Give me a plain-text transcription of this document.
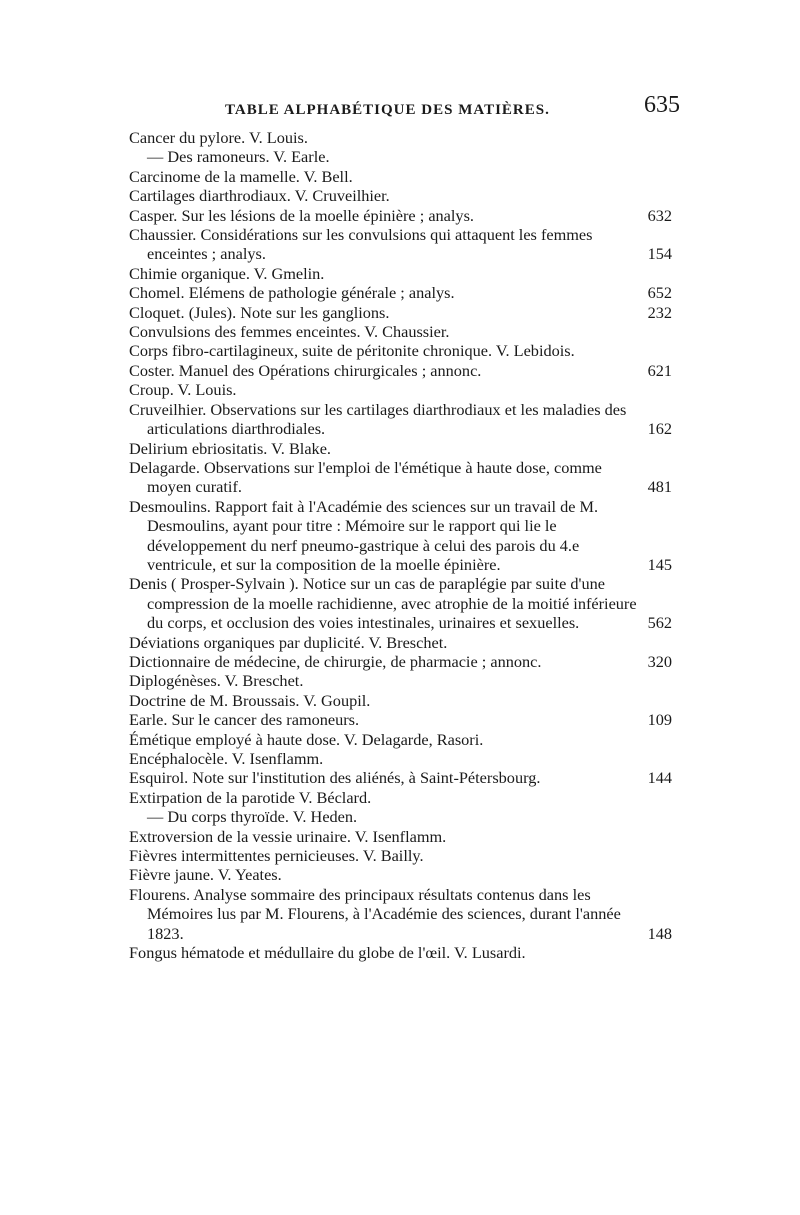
TABLE ALPHABÉTIQUE DES MATIÈRES.	635
Cancer du pylore. V. Louis.
— Des ramoneurs. V. Earle.
Carcinome de la mamelle. V. Bell.
Cartilages diarthrodiaux. V. Cruveilhier.
Casper. Sur les lésions de la moelle épinière ; analys.	632
Chaussier. Considérations sur les convulsions qui attaquent les femmes enceintes ; analys.	154
Chimie organique. V. Gmelin.
Chomel. Elémens de pathologie générale ; analys.	652
Cloquet. (Jules). Note sur les ganglions.	232
Convulsions des femmes enceintes. V. Chaussier.
Corps fibro-cartilagineux, suite de péritonite chronique. V. Lebidois.
Coster. Manuel des Opérations chirurgicales ; annonc.	621
Croup. V. Louis.
Cruveilhier. Observations sur les cartilages diarthrodiaux et les maladies des articulations diarthrodiales.	162
Delirium ebriositatis. V. Blake.
Delagarde. Observations sur l'emploi de l'émétique à haute dose, comme moyen curatif.	481
Desmoulins. Rapport fait à l'Académie des sciences sur un travail de M. Desmoulins, ayant pour titre : Mémoire sur le rapport qui lie le développement du nerf pneumo-gastrique à celui des parois du 4.e ventricule, et sur la composition de la moelle épinière.	145
Denis ( Prosper-Sylvain ). Notice sur un cas de paraplégie par suite d'une compression de la moelle rachidienne, avec atrophie de la moitié inférieure du corps, et occlusion des voies intestinales, urinaires et sexuelles.	562
Déviations organiques par duplicité. V. Breschet.
Dictionnaire de médecine, de chirurgie, de pharmacie ; annonc.	320
Diplogénèses. V. Breschet.
Doctrine de M. Broussais. V. Goupil.
Earle. Sur le cancer des ramoneurs.	109
Émétique employé à haute dose. V. Delagarde, Rasori.
Encéphalocèle. V. Isenflamm.
Esquirol. Note sur l'institution des aliénés, à Saint-Pétersbourg.	144
Extirpation de la parotide V. Béclard.
— Du corps thyroïde. V. Heden.
Extroversion de la vessie urinaire. V. Isenflamm.
Fièvres intermittentes pernicieuses. V. Bailly.
Fièvre jaune. V. Yeates.
Flourens. Analyse sommaire des principaux résultats contenus dans les Mémoires lus par M. Flourens, à l'Académie des sciences, durant l'année 1823.	148
Fongus hématode et médullaire du globe de l'œil. V. Lusardi.
